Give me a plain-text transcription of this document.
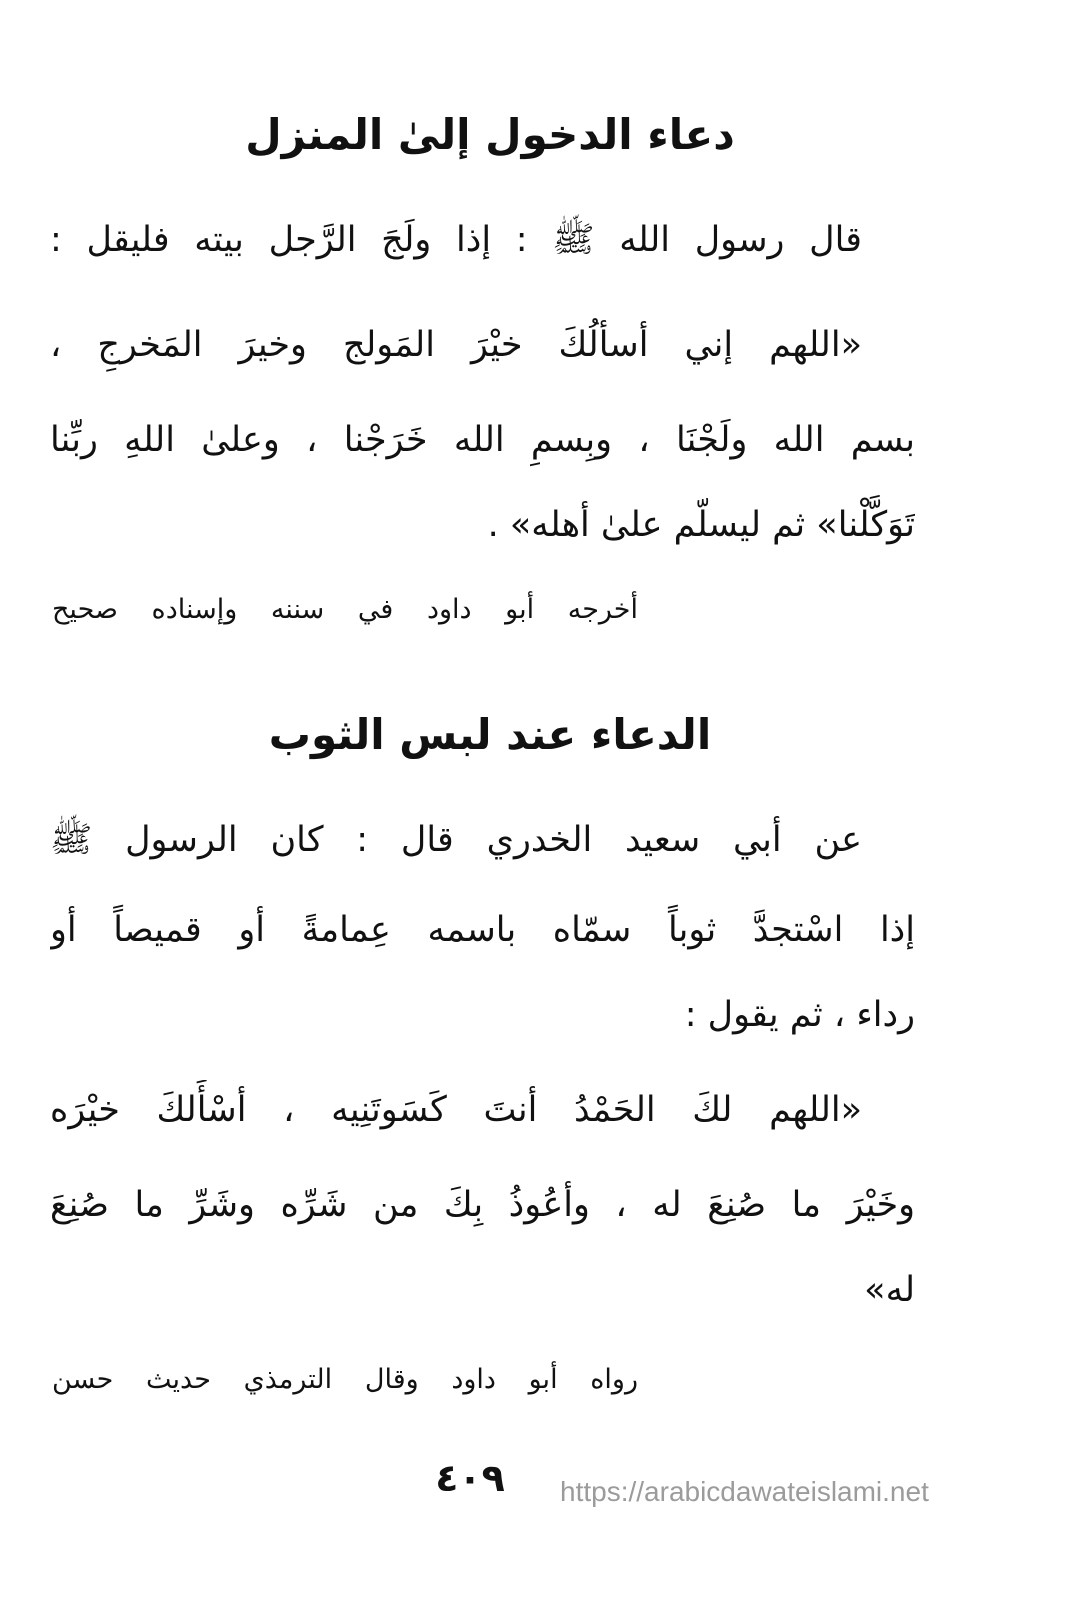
دعاء الدخول إلىٰ المنزل
قال رسول الله ﷺ : إذا ولَجَ الرَّجل بيته فليقل :
«اللهم إني أسألُكَ خيْرَ المَولج وخيرَ المَخرجِ ،
بسم الله ولَجْنَا ، وبِسمِ الله خَرَجْنا ، وعلىٰ اللهِ ربِّنا
تَوَكَّلْنا» ثم ليسلّم علىٰ أهله» .
أخرجه أبو داود في سننه وإسناده صحيح
الدعاء عند لبس الثوب
عن أبي سعيد الخدري قال : كان الرسول ﷺ
إذا اسْتجدَّ ثوباً سمّاه باسمه عِمامةً أو قميصاً أو
رداء ، ثم يقول :
«اللهم لكَ الحَمْدُ أنتَ كَسَوتَنِيه ، أسْأَلكَ خيْرَه
وخَيْرَ ما صُنِعَ له ، وأعُوذُ بِكَ من شَرِّه وشَرِّ ما صُنِعَ
له»
رواه أبو داود وقال الترمذي حديث حسن
٤٠٩	https://arabicdawateislami.net
